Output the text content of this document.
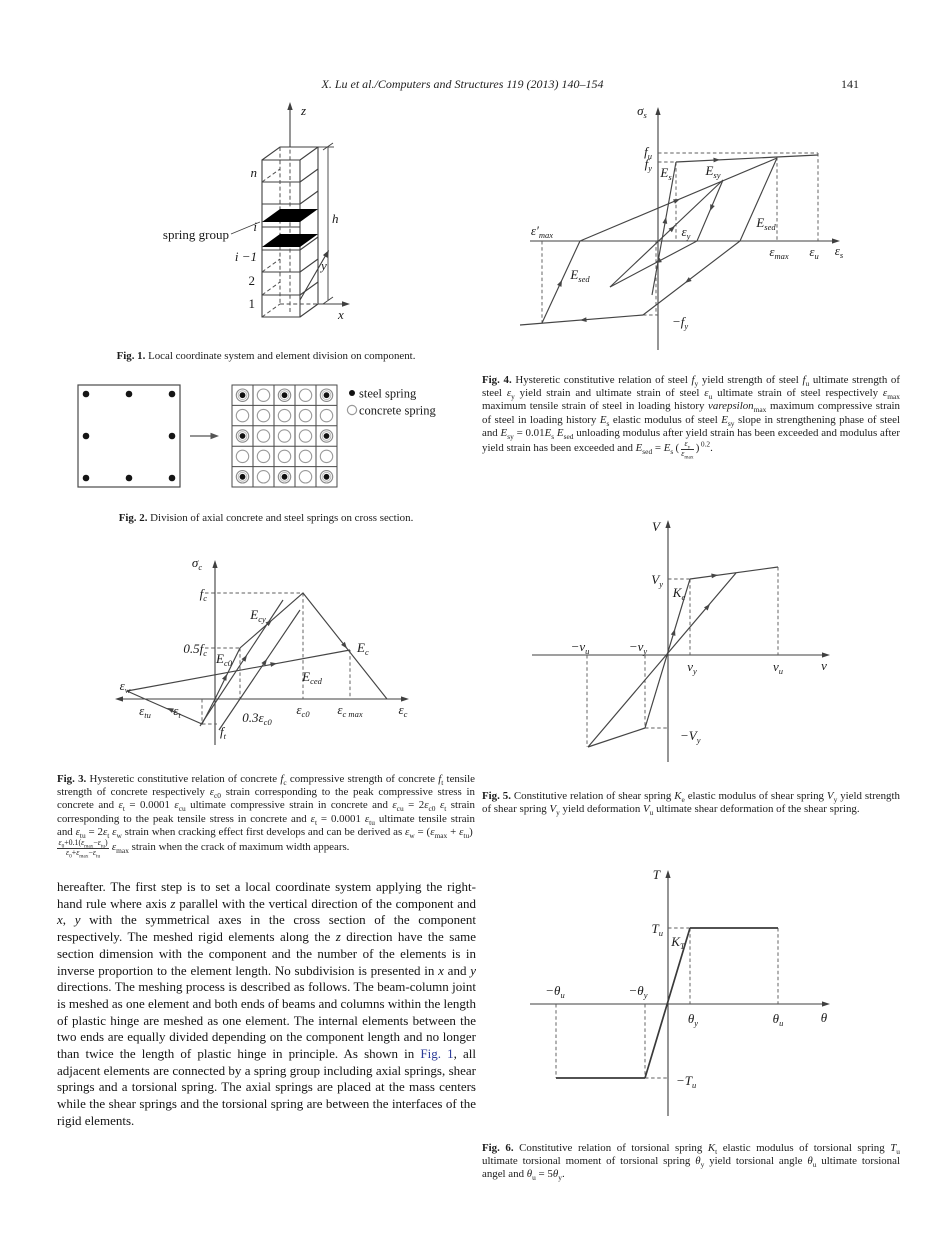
X. Lu et al./Computers and Structures 119 (2013) 140–154	141
z
n
i
i −1
2
1
h
y
x
spring group

Fig. 1. Local coordinate system and element division on component.

steel spring
concrete spring

Fig. 2. Division of axial concrete and steel springs on cross section.

$\sigma_c$
$f_c$
$0.5f_c$
$E_{cy}$
$E_{c0}$
$E_{ced}$
$E_c$
$\varepsilon_w$
$\varepsilon_{tu}$ $\varepsilon_t$	$0.3\varepsilon_{c0}$
$f_t$
$\varepsilon_{c0}$ $\varepsilon_{c max}$	$\varepsilon_c$

Fig. 3. Hysteretic constitutive relation of concrete $f_c$ compressive strength of concrete $f_t$ tensile strength of concrete respectively $\varepsilon_{c0}$ strain corresponding to the peak compressive stress in concrete and $\varepsilon_t = 0.0001$ $\varepsilon_{cu}$ ultimate compressive strain in concrete and $\varepsilon_{cu} = 2\varepsilon_{c0}$ $\varepsilon_t$ strain corresponding to the peak tensile stress in concrete and $\varepsilon_t = 0.0001$ $\varepsilon_{tu}$ ultimate tensile strain and $\varepsilon_{tu} = 2\varepsilon_t$ $\varepsilon_w$ strain when cracking effect first develops and can be derived as $\varepsilon_w = (\varepsilon_{max} + \varepsilon_{tu})$ 
$\frac{\varepsilon_0+0.1(\varepsilon_{max}-\varepsilon_{tu})}{\varepsilon_0+\varepsilon_{max}-\varepsilon_{tu}} \varepsilon_{max}$ strain when the crack of maximum width appears.

hereafter. The first step is to set a local coordinate system applying the right-hand rule where axis z parallel with the vertical direction of the component and x, y with the symmetrical axes in the cross section of the component respectively. The meshed rigid elements along the z direction have the same section dimension with the component and the number of the elements is in inverse proportion to the element length. No subdivision is presented in x and y directions. The meshing process is described as follows. The beam-column joint is meshed as one element and both ends of beams and columns within the length of plastic hinge are meshed as one element. The internal elements between the two ends are equally divided depending on the component length and no longer than twice the length of plastic hinge in principle. As shown in Fig. 1, all adjacent elements are connected by a spring group including axial springs, shear springs and a torsional spring. The axial springs are placed at the mass centers while the shear springs and the torsional spring are between the interfaces of the rigid elements.
$\sigma_s$
$f_u$
$f_y$ $E_s$	$E_{sy}$
$\varepsilon_y$
$E_{sed}$
$E_{sed}$
$\varepsilon'_{max}$
$\varepsilon_{max}$ $\varepsilon_u$ $\varepsilon_s$
$-f_y$

Fig. 4. Hysteretic constitutive relation of steel $f_y$ yield strength of steel $f_u$ ultimate strength of steel $\varepsilon_y$ yield strain and ultimate strain of steel $\varepsilon_u$ ultimate strain of steel respectively $\varepsilon_{max}$ maximum tensile strain of steel in loading history varepsilon$_{max}$ maximum compressive strain of steel in loading history $E_s$ elastic modulus of steel $E_{sy}$ slope in strengthening phase of steel and $E_{sy} = 0.01E_s$ $E_{sed}$ unloading modulus after yield strain has been exceeded and modulus after yield strain has been exceeded and $E_{sed} = E_s$ (  $\frac{\varepsilon_y}{\varepsilon_{max}}$  ) $^{0.2}$.

V
$V_y$
$K_e$
$-v_u$	$-v_y$
$v_y$	$v_u$	v
$-V_y$

Fig. 5. Constitutive relation of shear spring $K_e$ elastic modulus of shear spring $V_y$ yield strength of shear spring $V_y$ yield deformation $V_u$ ultimate shear deformation of the shear spring.

T
$T_u$
$K_T$
$-\theta_u$	$-\theta_y$
$\theta_y$	$\theta_u$	θ
$-T_u$

Fig. 6. Constitutive relation of torsional spring $K_t$ elastic modulus of torsional spring $T_u$ ultimate torsional moment of torsional spring $\theta_y$ yield torsional angle $\theta_u$ ultimate torsional angel and $\theta_u = 5\theta_y$.
